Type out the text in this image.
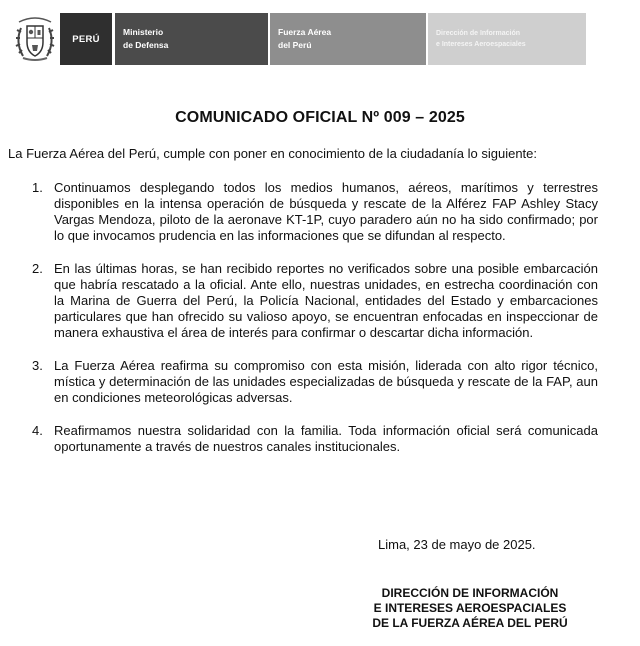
PERÚ
Ministerio
de Defensa
Fuerza Aérea
del Perú
Dirección de Información
e Intereses Aeroespaciales
COMUNICADO OFICIAL Nº 009 – 2025
La Fuerza Aérea del Perú, cumple con poner en conocimiento de la ciudadanía lo siguiente:
1. Continuamos desplegando todos los medios humanos, aéreos, marítimos y terrestres disponibles en la intensa operación de búsqueda y rescate de la Alférez FAP Ashley Stacy Vargas Mendoza, piloto de la aeronave KT-1P, cuyo paradero aún no ha sido confirmado; por lo que invocamos prudencia en las informaciones que se difundan al respecto.
2. En las últimas horas, se han recibido reportes no verificados sobre una posible embarcación que habría rescatado a la oficial. Ante ello, nuestras unidades, en estrecha coordinación con la Marina de Guerra del Perú, la Policía Nacional, entidades del Estado y embarcaciones particulares que han ofrecido su valioso apoyo, se encuentran enfocadas en inspeccionar de manera exhaustiva el área de interés para confirmar o descartar dicha información.
3. La Fuerza Aérea reafirma su compromiso con esta misión, liderada con alto rigor técnico, mística y determinación de las unidades especializadas de búsqueda y rescate de la FAP, aun en condiciones meteorológicas adversas.
4. Reafirmamos nuestra solidaridad con la familia. Toda información oficial será comunicada oportunamente a través de nuestros canales institucionales.
Lima, 23 de mayo de 2025.
DIRECCIÓN DE INFORMACIÓN
E INTERESES AEROESPACIALES
DE LA FUERZA AÉREA DEL PERÚ
